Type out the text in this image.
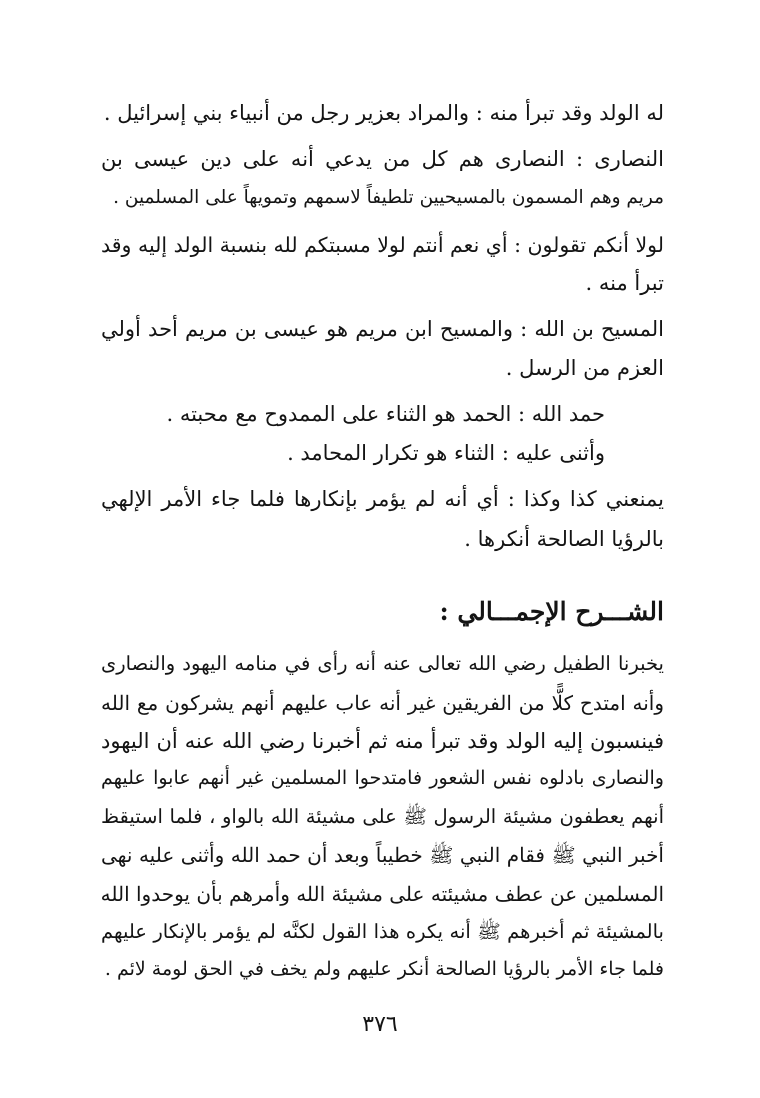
له الولد وقد تبرأ منه : والمراد بعزير رجل من أنبياء بني إسرائيل .

النصارى : النصارى هم كل من يدعي أنه على دين عيسى بن

مريم وهم المسمون بالمسيحيين تلطيفاً لاسمهم وتمويهاً على المسلمين .

لولا أنكم تقولون : أي نعم أنتم لولا مسبتكم لله بنسبة الولد إليه وقد

تبرأ منه .

المسيح بن الله : والمسيح ابن مريم هو عيسى بن مريم أحد أولي

العزم من الرسل .

حمد الله : الحمد هو الثناء على الممدوح مع محبته .

وأثنى عليه : الثناء هو تكرار المحامد .

يمنعني كذا وكذا : أي أنه لم يؤمر بإنكارها فلما جاء الأمر الإلهي

بالرؤيا الصالحة أنكرها .

الشـــرح الإجمـــالي :

يخبرنا الطفيل رضي الله تعالى عنه أنه رأى في منامه اليهود والنصارى

وأنه امتدح كلًّا من الفريقين غير أنه عاب عليهم أنهم يشركون مع الله

فينسبون إليه الولد وقد تبرأ منه ثم أخبرنا رضي الله عنه أن اليهود

والنصارى بادلوه نفس الشعور فامتدحوا المسلمين غير أنهم عابوا عليهم

أنهم يعطفون مشيئة الرسول ﷺ على مشيئة الله بالواو ، فلما استيقظ

أخبر النبي ﷺ فقام النبي ﷺ خطيباً وبعد أن حمد الله وأثنى عليه نهى

المسلمين عن عطف مشيئته على مشيئة الله وأمرهم بأن يوحدوا الله

بالمشيئة ثم أخبرهم ﷺ أنه يكره هذا القول لكنَّه لم يؤمر بالإنكار عليهم

فلما جاء الأمر بالرؤيا الصالحة أنكر عليهم ولم يخف في الحق لومة لائم .

٣٧٦
